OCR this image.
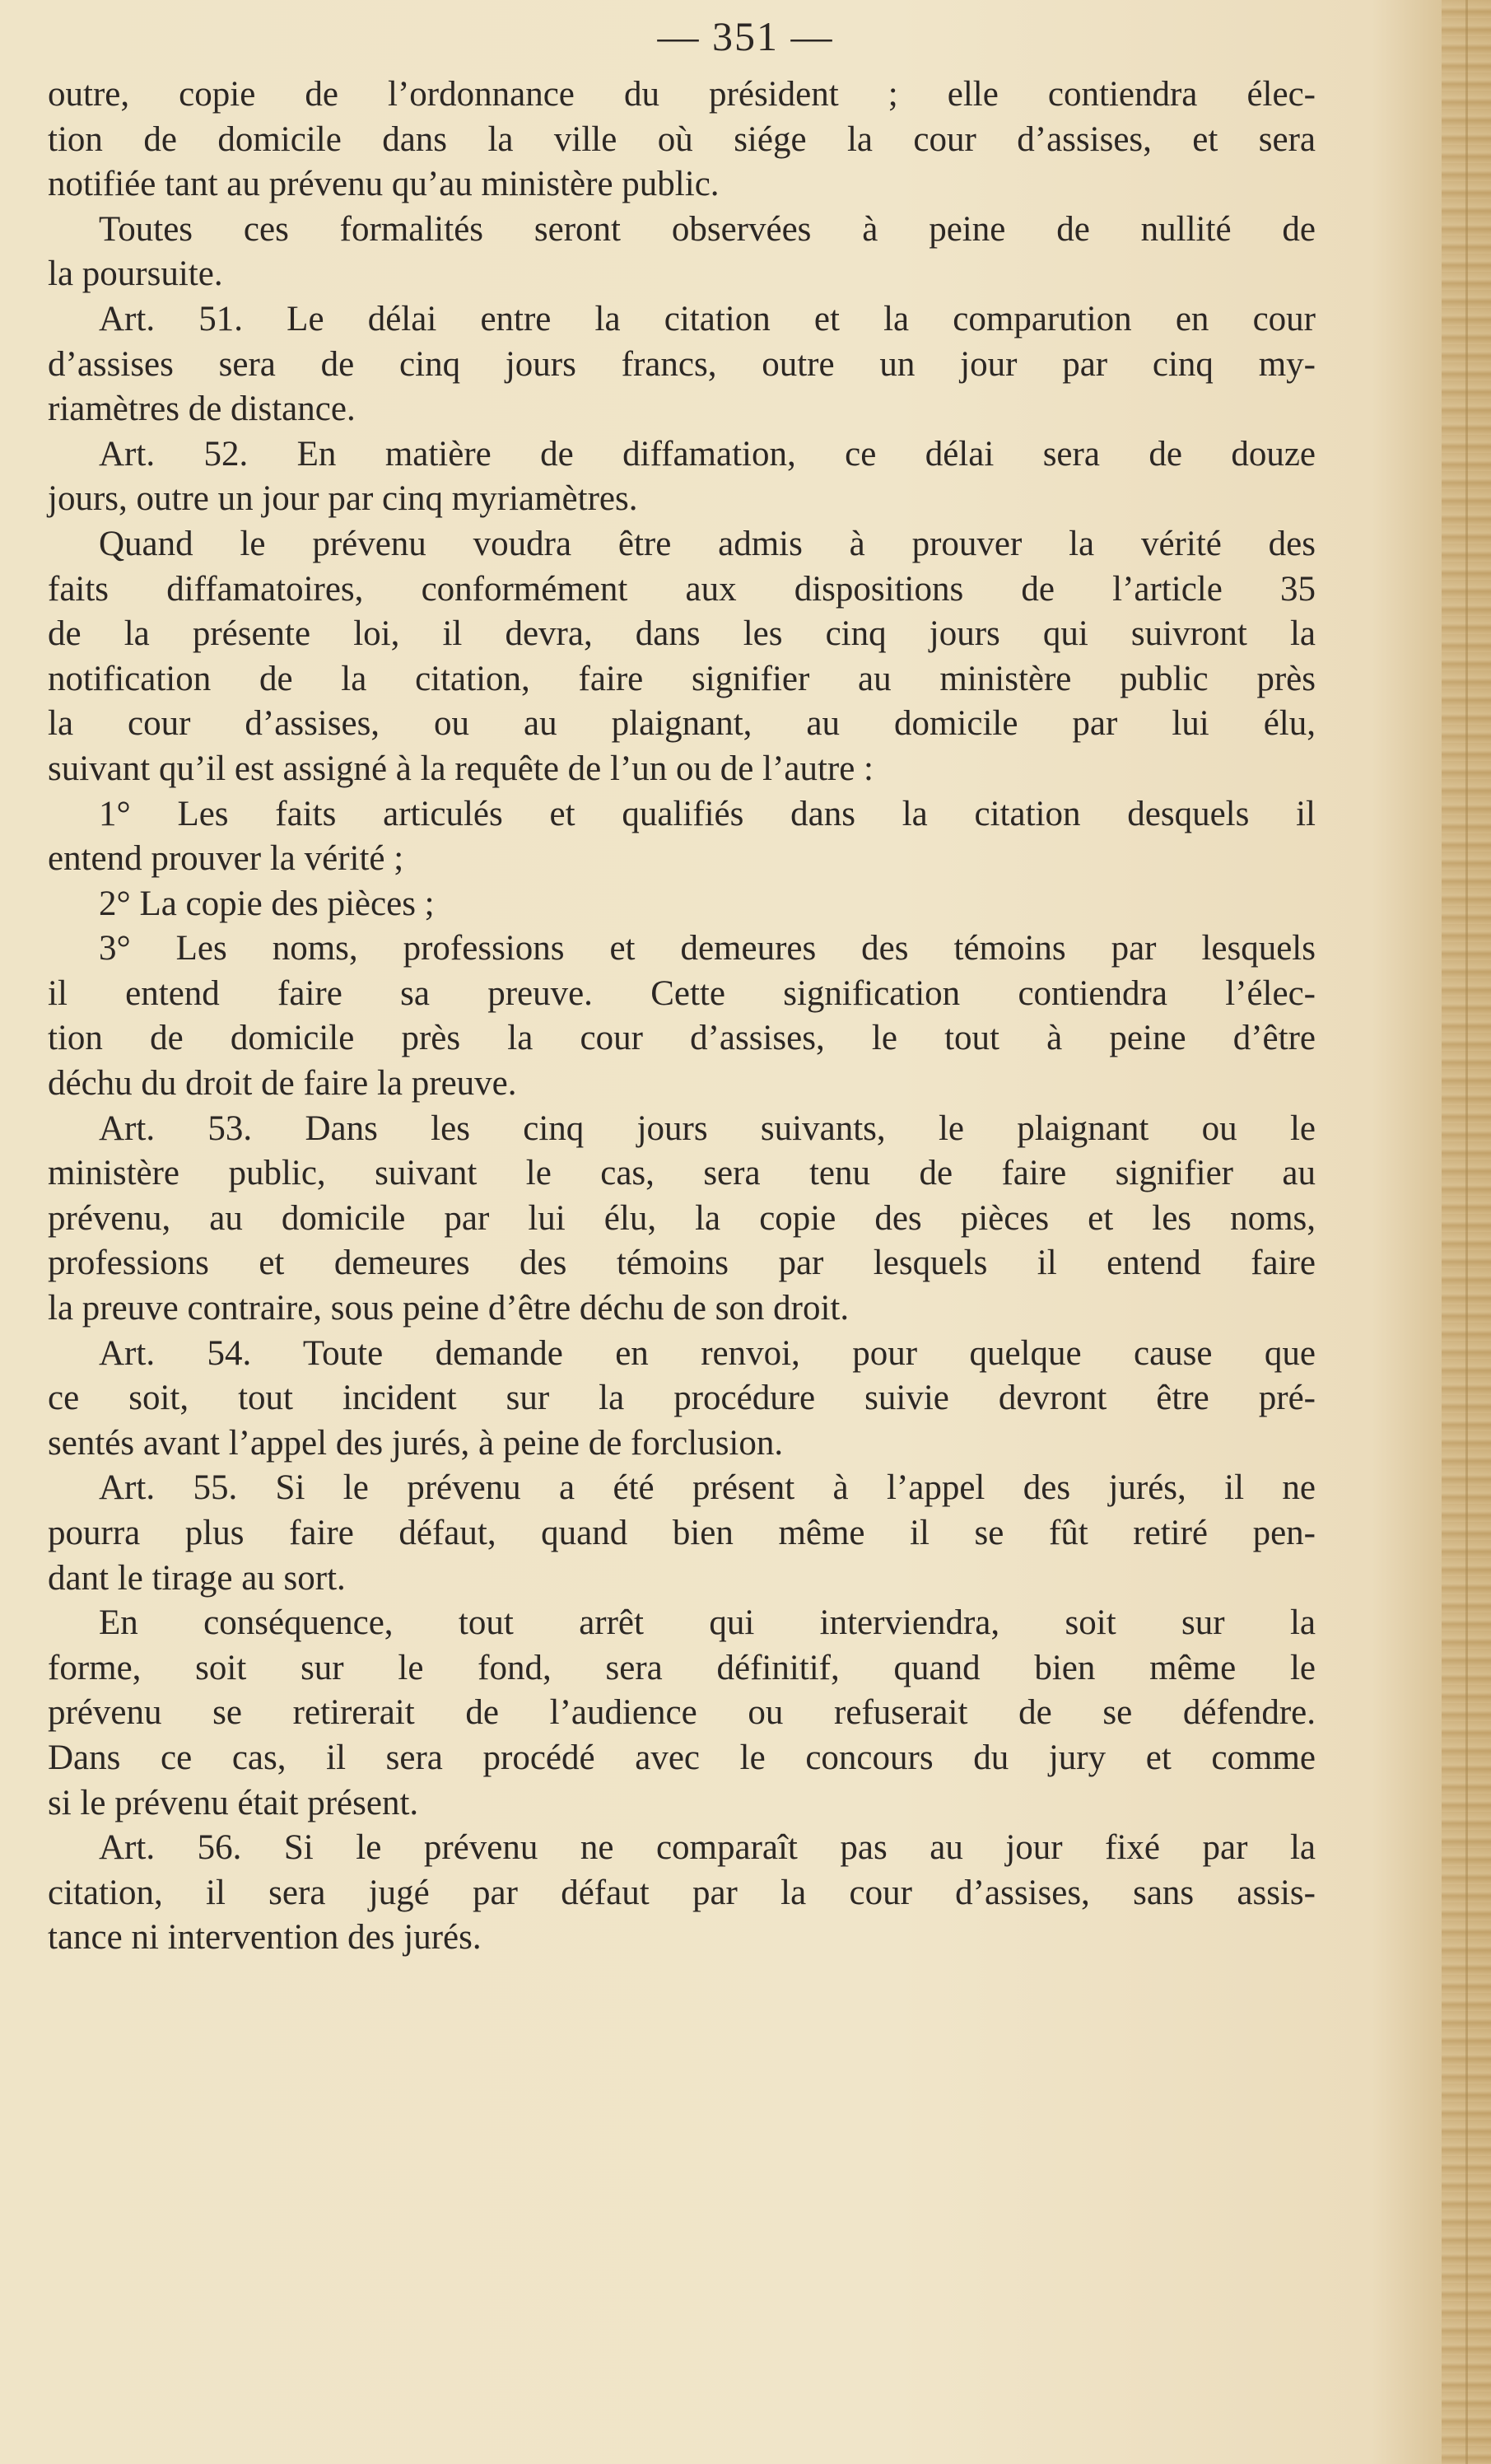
— 351 —
outre, copie de l’ordonnance du président ; elle contiendra élec-
tion de domicile dans la ville où siége la cour d’assises, et sera
notifiée tant au prévenu qu’au ministère public.
Toutes ces formalités seront observées à peine de nullité de
la poursuite.
Art. 51. Le délai entre la citation et la comparution en cour
d’assises sera de cinq jours francs, outre un jour par cinq my-
riamètres de distance.
Art. 52. En matière de diffamation, ce délai sera de douze
jours, outre un jour par cinq myriamètres.
Quand le prévenu voudra être admis à prouver la vérité des
faits diffamatoires, conformément aux dispositions de l’article 35
de la présente loi, il devra, dans les cinq jours qui suivront la
notification de la citation, faire signifier au ministère public près
la cour d’assises, ou au plaignant, au domicile par lui élu,
suivant qu’il est assigné à la requête de l’un ou de l’autre :
1° Les faits articulés et qualifiés dans la citation desquels il
entend prouver la vérité ;
2° La copie des pièces ;
3° Les noms, professions et demeures des témoins par lesquels
il entend faire sa preuve. Cette signification contiendra l’élec-
tion de domicile près la cour d’assises, le tout à peine d’être
déchu du droit de faire la preuve.
Art. 53. Dans les cinq jours suivants, le plaignant ou le
ministère public, suivant le cas, sera tenu de faire signifier au
prévenu, au domicile par lui élu, la copie des pièces et les noms,
professions et demeures des témoins par lesquels il entend faire
la preuve contraire, sous peine d’être déchu de son droit.
Art. 54. Toute demande en renvoi, pour quelque cause que
ce soit, tout incident sur la procédure suivie devront être pré-
sentés avant l’appel des jurés, à peine de forclusion.
Art. 55. Si le prévenu a été présent à l’appel des jurés, il ne
pourra plus faire défaut, quand bien même il se fût retiré pen-
dant le tirage au sort.
En conséquence, tout arrêt qui interviendra, soit sur la
forme, soit sur le fond, sera définitif, quand bien même le
prévenu se retirerait de l’audience ou refuserait de se défendre.
Dans ce cas, il sera procédé avec le concours du jury et comme
si le prévenu était présent.
Art. 56. Si le prévenu ne comparaît pas au jour fixé par la
citation, il sera jugé par défaut par la cour d’assises, sans assis-
tance ni intervention des jurés.
